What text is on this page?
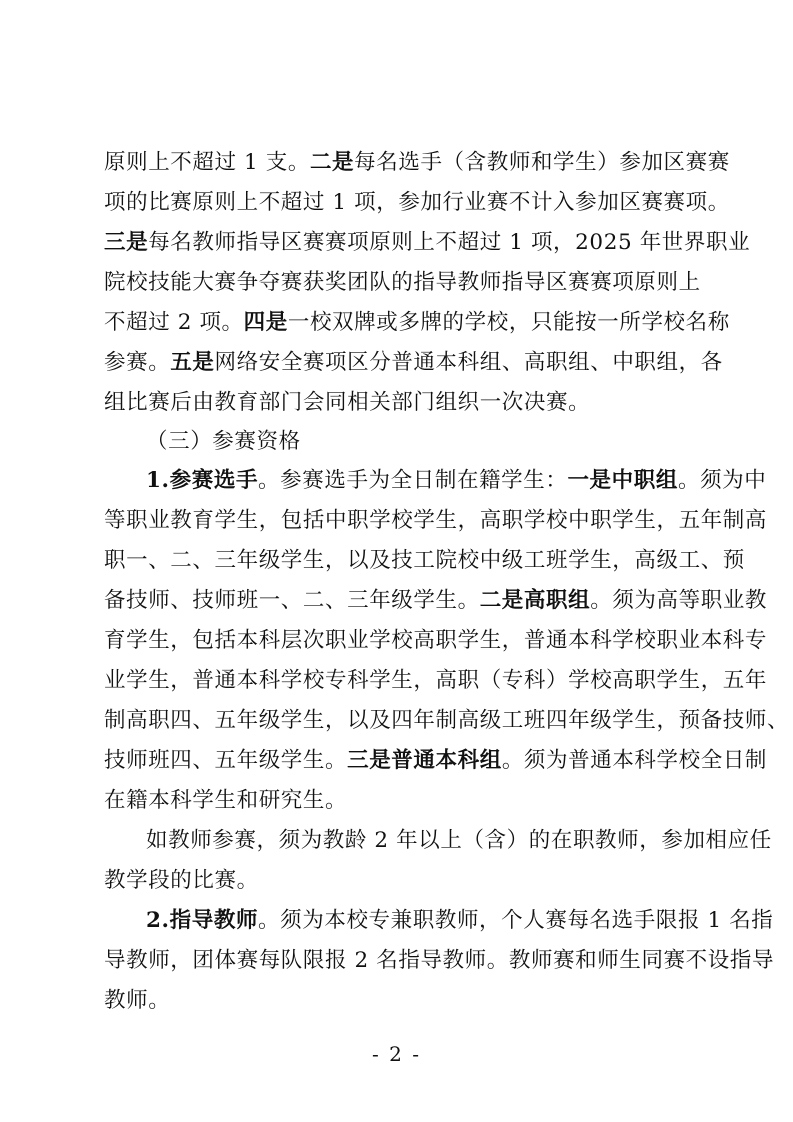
原则上不超过 1 支。二是每名选手（含教师和学生）参加区赛赛
项的比赛原则上不超过 1 项，参加行业赛不计入参加区赛赛项。
三是每名教师指导区赛赛项原则上不超过 1 项，2025 年世界职业
院校技能大赛争夺赛获奖团队的指导教师指导区赛赛项原则上
不超过 2 项。四是一校双牌或多牌的学校，只能按一所学校名称
参赛。五是网络安全赛项区分普通本科组、高职组、中职组，各
组比赛后由教育部门会同相关部门组织一次决赛。
（三）参赛资格
1.参赛选手。参赛选手为全日制在籍学生：一是中职组。须为中
等职业教育学生，包括中职学校学生，高职学校中职学生，五年制高
职一、二、三年级学生，以及技工院校中级工班学生，高级工、预
备技师、技师班一、二、三年级学生。二是高职组。须为高等职业教
育学生，包括本科层次职业学校高职学生，普通本科学校职业本科专
业学生，普通本科学校专科学生，高职（专科）学校高职学生，五年
制高职四、五年级学生，以及四年制高级工班四年级学生，预备技师、
技师班四、五年级学生。三是普通本科组。须为普通本科学校全日制
在籍本科学生和研究生。
如教师参赛，须为教龄 2 年以上（含）的在职教师，参加相应任
教学段的比赛。
2.指导教师。须为本校专兼职教师，个人赛每名选手限报 1 名指
导教师，团体赛每队限报 2 名指导教师。教师赛和师生同赛不设指导
教师。
- 2 -
